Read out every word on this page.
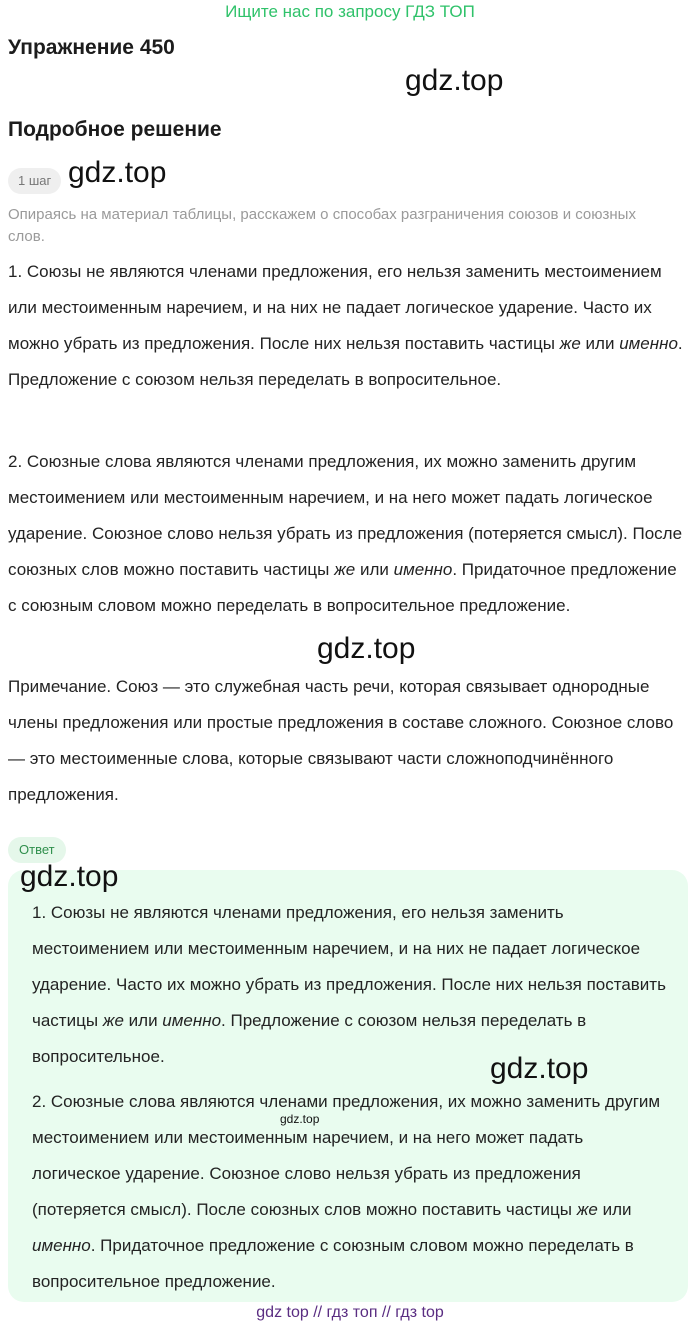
Ищите нас по запросу ГДЗ ТОП
Упражнение 450
gdz.top
Подробное решение
1 шаг gdz.top
Опираясь на материал таблицы, расскажем о способах разграничения союзов и союзных слов.
1. Союзы не являются членами предложения, его нельзя заменить местоимением или местоименным наречием, и на них не падает логическое ударение. Часто их можно убрать из предложения. После них нельзя поставить частицы же или именно. Предложение с союзом нельзя переделать в вопросительное.
2. Союзные слова являются членами предложения, их можно заменить другим местоимением или местоименным наречием, и на него может падать логическое ударение. Союзное слово нельзя убрать из предложения (потеряется смысл). После союзных слов можно поставить частицы же или именно. Придаточное предложение с союзным словом можно переделать в вопросительное предложение.
gdz.top
Примечание. Союз — это служебная часть речи, которая связывает однородные члены предложения или простые предложения в составе сложного. Союзное слово — это местоименные слова, которые связывают части сложноподчинённого предложения.
Ответ
gdz.top
1. Союзы не являются членами предложения, его нельзя заменить местоимением или местоименным наречием, и на них не падает логическое ударение. Часто их можно убрать из предложения. После них нельзя поставить частицы же или именно. Предложение с союзом нельзя переделать в вопросительное.	gdz.top
2. Союзные слова являются членами предложения, их можно заменить другим местоимением или местоименным наречием, и на него может падать логическое ударение. Союзное слово нельзя убрать из предложения (потеряется смысл). После союзных слов можно поставить частицы же или именно. Придаточное предложение с союзным словом можно переделать в вопросительное предложение.
gdz.top
gdz top // гдз топ // гдз top
